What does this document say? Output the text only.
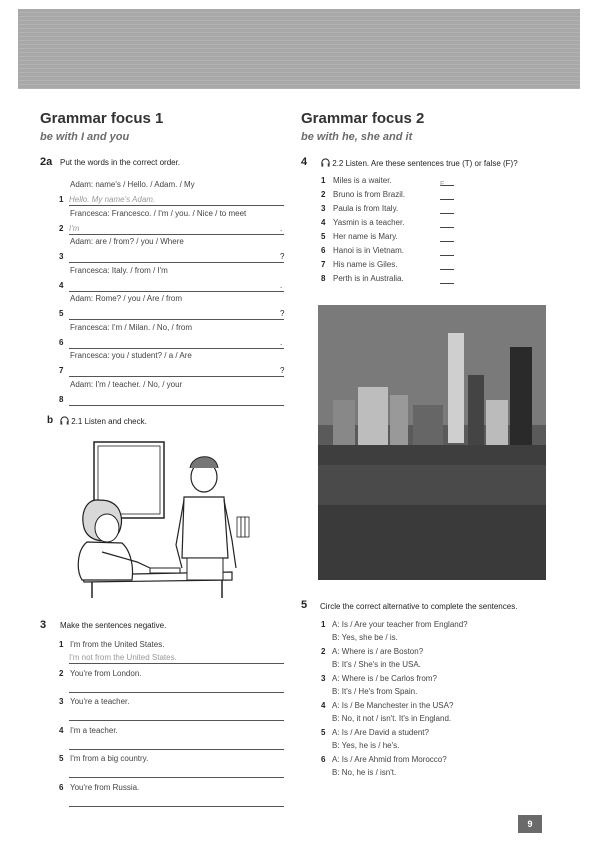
Grammar focus 1
be with I and you
2a Put the words in the correct order.
Adam: name's / Hello. / Adam. / My
1 Hello. My name's Adam.
Francesca: Francesco. / I'm / you. / Nice / to meet
2 I'm	.
Adam: are / from? / you / Where
3	?
Francesca: Italy. / from / I'm
4	.
Adam: Rome? / you / Are / from
5	?
Francesca: I'm / Milan. / No, / from
6	.
Francesca: you / student? / a / Are
7	?
Adam: I'm / teacher. / No, / your
8
b 2.1 Listen and check.
3 Make the sentences negative.
1 I'm from the United States.
I'm not from the United States.
2 You're from London.
3 You're a teacher.
4 I'm a teacher.
5 I'm from a big country.
6 You're from Russia.
Grammar focus 2
be with he, she and it
4	2.2 Listen. Are these sentences true (T) or false (F)?
1 Miles is a waiter.	F
2 Bruno is from Brazil.
3 Paula is from Italy.
4 Yasmin is a teacher.
5 Her name is Mary.
6 Hanoi is in Vietnam.
7 His name is Giles.
8 Perth is in Australia.
5 Circle the correct alternative to complete the sentences.
1 A: Is / Are your teacher from England?
B: Yes, she be / is.
2 A: Where is / are Boston?
B: It's / She's in the USA.
3 A: Where is / be Carlos from?
B: It's / He's from Spain.
4 A: Is / Be Manchester in the USA?
B: No, it not / isn't. It's in England.
5 A: Is / Are David a student?
B: Yes, he is / he's.
6 A: Is / Are Ahmid from Morocco?
B: No, he is / isn't.
9
